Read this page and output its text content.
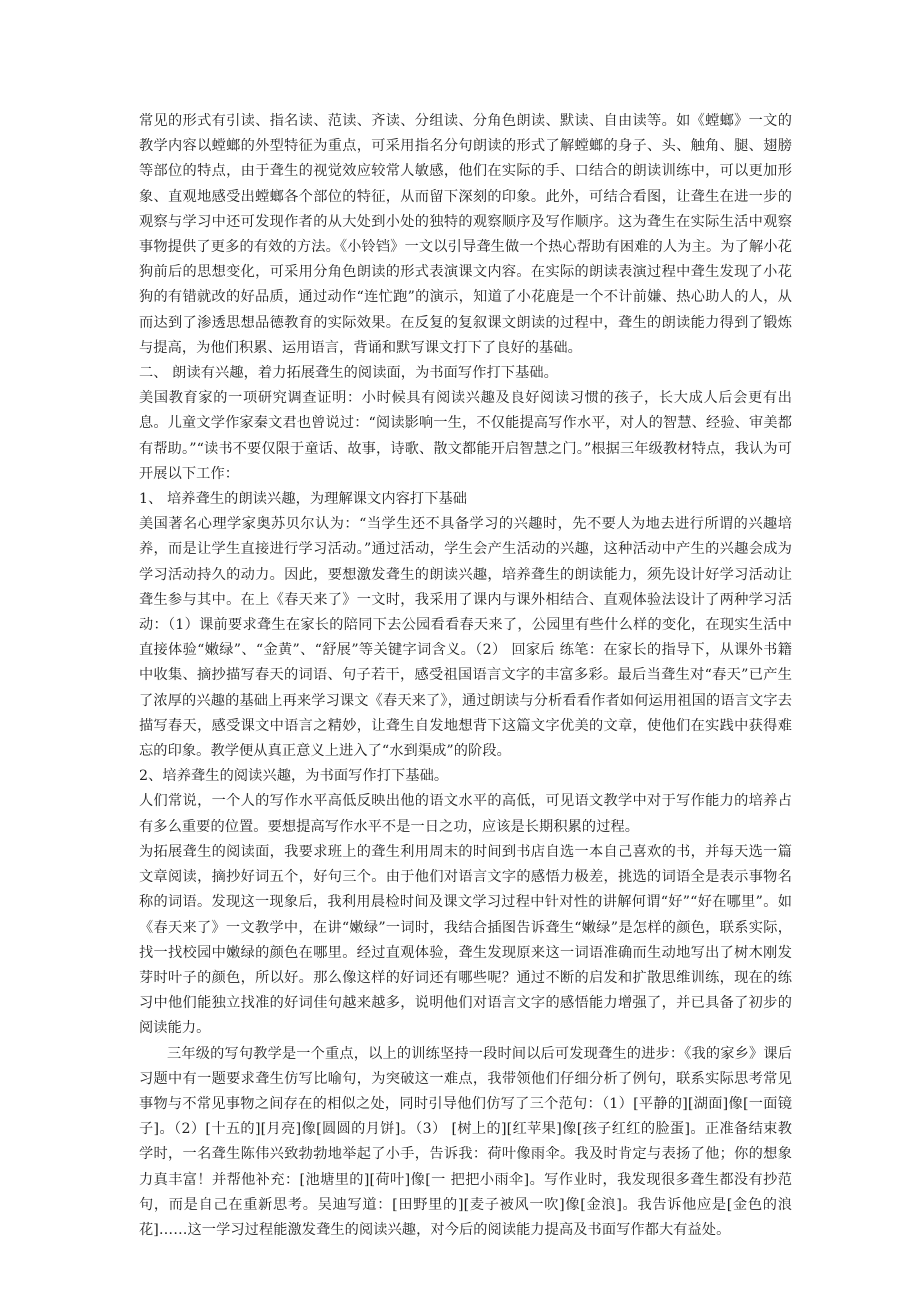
常见的形式有引读、指名读、范读、齐读、分组读、分角色朗读、默读、自由读等。如《螳螂》一文的教学内容以螳螂的外型特征为重点，可采用指名分句朗读的形式了解螳螂的身子、头、触角、腿、翅膀等部位的特点，由于聋生的视觉效应较常人敏感，他们在实际的手、口结合的朗读训练中，可以更加形象、直观地感受出螳螂各个部位的特征，从而留下深刻的印象。此外，可结合看图，让聋生在进一步的观察与学习中还可发现作者的从大处到小处的独特的观察顺序及写作顺序。这为聋生在实际生活中观察事物提供了更多的有效的方法。《小铃铛》一文以引导聋生做一个热心帮助有困难的人为主。为了解小花狗前后的思想变化，可采用分角色朗读的形式表演课文内容。在实际的朗读表演过程中聋生发现了小花狗的有错就改的好品质，通过动作“连忙跑”的演示，知道了小花鹿是一个不计前嫌、热心助人的人，从而达到了渗透思想品德教育的实际效果。在反复的复叙课文朗读的过程中，聋生的朗读能力得到了锻炼与提高，为他们积累、运用语言，背诵和默写课文打下了良好的基础。

二、 朗读有兴趣，着力拓展聋生的阅读面，为书面写作打下基础。

美国教育家的一项研究调查证明：小时候具有阅读兴趣及良好阅读习惯的孩子，长大成人后会更有出息。儿童文学作家秦文君也曾说过：“阅读影响一生，不仅能提高写作水平，对人的智慧、经验、审美都有帮助。”“读书不要仅限于童话、故事，诗歌、散文都能开启智慧之门。”根据三年级教材特点，我认为可开展以下工作：

1、 培养聋生的朗读兴趣，为理解课文内容打下基础

美国著名心理学家奥苏贝尔认为：“当学生还不具备学习的兴趣时，先不要人为地去进行所谓的兴趣培养，而是让学生直接进行学习活动。”通过活动，学生会产生活动的兴趣，这种活动中产生的兴趣会成为学习活动持久的动力。因此，要想激发聋生的朗读兴趣，培养聋生的朗读能力，须先设计好学习活动让聋生参与其中。在上《春天来了》一文时，我采用了课内与课外相结合、直观体验法设计了两种学习活动：（1）课前要求聋生在家长的陪同下去公园看看春天来了，公园里有些什么样的变化，在现实生活中直接体验“嫩绿”、“金黄”、“舒展”等关键字词含义。（2） 回家后 练笔：在家长的指导下，从课外书籍中收集、摘抄描写春天的词语、句子若干，感受祖国语言文字的丰富多彩。最后当聋生对“春天”已产生了浓厚的兴趣的基础上再来学习课文《春天来了》，通过朗读与分析看看作者如何运用祖国的语言文字去描写春天，感受课文中语言之精妙，让聋生自发地想背下这篇文字优美的文章，使他们在实践中获得难忘的印象。教学便从真正意义上进入了“水到渠成”的阶段。

2、培养聋生的阅读兴趣，为书面写作打下基础。

人们常说，一个人的写作水平高低反映出他的语文水平的高低，可见语文教学中对于写作能力的培养占有多么重要的位置。要想提高写作水平不是一日之功，应该是长期积累的过程。

为拓展聋生的阅读面，我要求班上的聋生利用周末的时间到书店自选一本自己喜欢的书，并每天选一篇文章阅读，摘抄好词五个，好句三个。由于他们对语言文字的感悟力极差，挑选的词语全是表示事物名称的词语。发现这一现象后，我利用晨检时间及课文学习过程中针对性的讲解何谓“好”“好在哪里”。如《春天来了》一文教学中，在讲“嫩绿”一词时，我结合插图告诉聋生“嫩绿”是怎样的颜色，联系实际，找一找校园中嫩绿的颜色在哪里。经过直观体验，聋生发现原来这一词语准确而生动地写出了树木刚发芽时叶子的颜色，所以好。那么像这样的好词还有哪些呢？通过不断的启发和扩散思维训练，现在的练习中他们能独立找准的好词佳句越来越多，说明他们对语言文字的感悟能力增强了，并已具备了初步的阅读能力。

三年级的写句教学是一个重点，以上的训练坚持一段时间以后可发现聋生的进步：《我的家乡》课后习题中有一题要求聋生仿写比喻句，为突破这一难点，我带领他们仔细分析了例句，联系实际思考常见事物与不常见事物之间存在的相似之处，同时引导他们仿写了三个范句：（1）[平静的][湖面]像[一面镜子]。（2）[十五的][月亮]像[圆圆的月饼]。（3） [树上的][红苹果]像[孩子红红的脸蛋]。正准备结束教学时，一名聋生陈伟兴致勃勃地举起了小手，告诉我：荷叶像雨伞。我及时肯定与表扬了他；你的想象力真丰富！并帮他补充：[池塘里的][荷叶]像[一 把把小雨伞]。写作业时，我发现很多聋生都没有抄范句，而是自己在重新思考。吴迪写道：[田野里的][麦子被风一吹]像[金浪]。我告诉他应是[金色的浪花]……这一学习过程能激发聋生的阅读兴趣，对今后的阅读能力提高及书面写作都大有益处。
